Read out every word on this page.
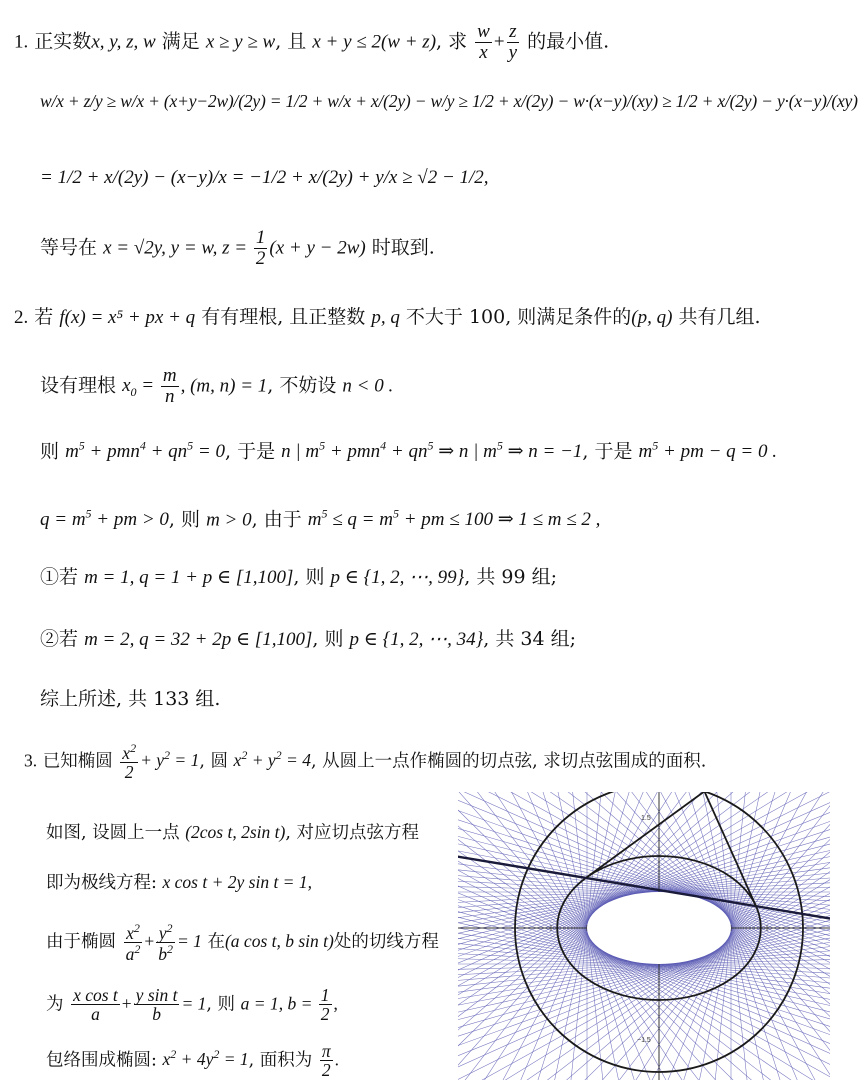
1. 正实数x, y, z, w 满足 x ≥ y ≥ w, 且 x + y ≤ 2(w + z), 求 $\frac{w}{x} + \frac{z}{y}$ 的最小值.
w/x + z/y ≥ w/x + (x+y−2w)/(2y) = 1/2 + w/x + x/(2y) − w/y ≥ 1/2 + x/(2y) − w·(x−y)/(xy) ≥ 1/2 + x/(2y) − y·(x−y)/(xy)
= 1/2 + x/(2y) − (x−y)/x = −1/2 + x/(2y) + y/x ≥ √2 − 1/2,
等号在 x = √2y, y = w, $z = \frac{1}{2} (x + y - 2w)$ 时取到.
2. 若 f(x) = x⁵ + px + q 有有理根, 且正整数 p, q 不大于 100, 则满足条件的(p, q) 共有几组.
设有理根 $x_0 = \frac{m}{n}$ , (m, n) = 1, 不妨设 n < 0 .
则 $m^5 + pmn^4 + qn^5 = 0$, 于是 n | $m^5 + pmn^4 + qn^5$ ⇒ n | $m^5$ ⇒ n = −1, 于是 $m^5$ + pm − q = 0 .
$q = m^5$ + pm > 0, 则 m > 0, 由于 $m^5 \le q = m^5$ + pm ≤ 100 ⇒ 1 ≤ m ≤ 2 ,
①若 m = 1, q = 1 + p ∈ [1,100], 则 p ∈ {1, 2, ⋯, 99}, 共 99 组;
②若 m = 2, q = 32 + 2p ∈ [1,100], 则 p ∈ {1, 2, ⋯, 34}, 共 34 组;
综上所述, 共 133 组.
3. 已知椭圆 $\frac{x^2}{2} + y^2 = 1$, 圆 $x^2 + y^2 = 4$, 从圆上一点作椭圆的切点弦, 求切点弦围成的面积.
如图, 设圆上一点 (2cos t, 2sin t), 对应切点弦方程
即为极线方程: x cos t + 2y sin t = 1,
由于椭圆 $\frac{x^2}{a^2} + \frac{y^2}{b^2} = 1$ 在(a cos t, b sin t)处的切线方程
为 $\frac{\text{x cos t}}{a} + \frac{\text{y sin t}}{b} = 1$, 则 a = 1, $b = \frac{1}{2}$ ,
包络围成椭圆: $x^2 + 4y^2 = 1$, 面积为 $\frac{\pi}{2}$ .
1.5
−1.5
